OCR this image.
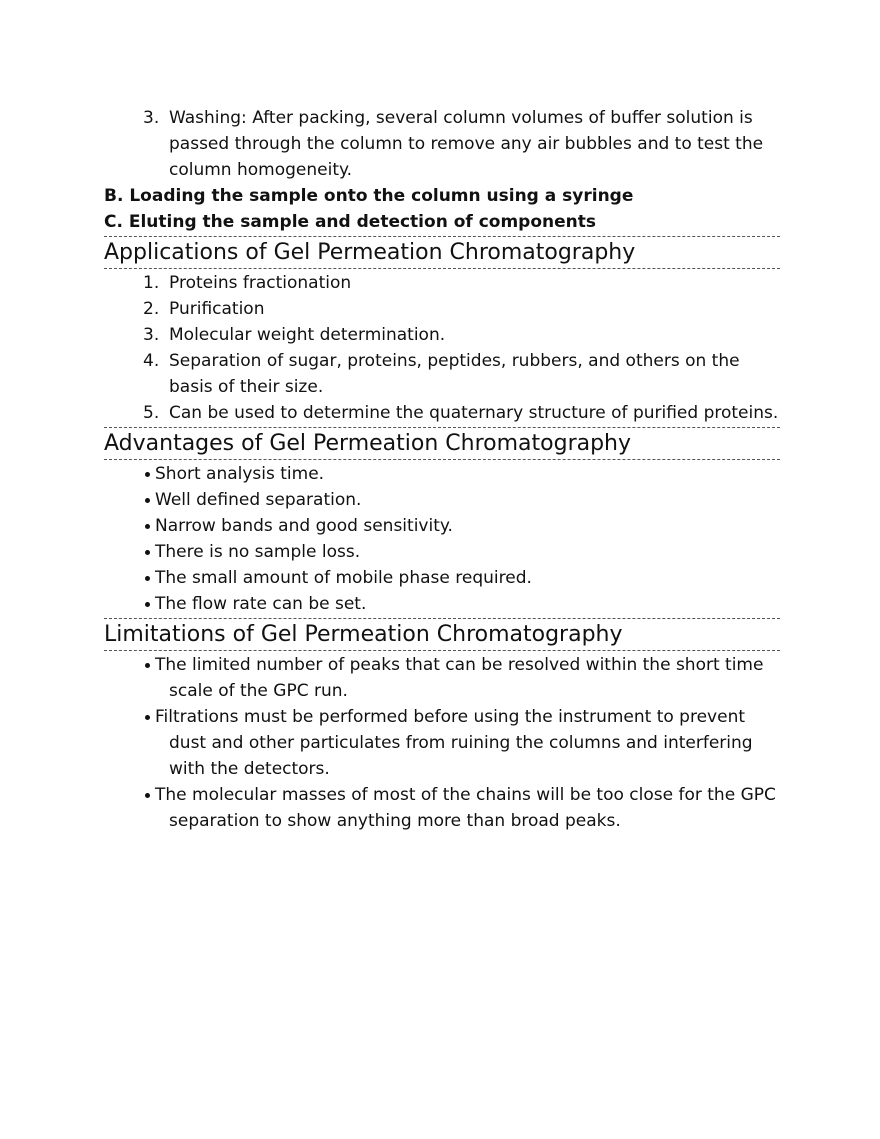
3. Washing: After packing, several column volumes of buffer solution is passed through the column to remove any air bubbles and to test the column homogeneity.
B. Loading the sample onto the column using a syringe
C. Eluting the sample and detection of components
Applications of Gel Permeation Chromatography
1. Proteins fractionation
2. Purification
3. Molecular weight determination.
4. Separation of sugar, proteins, peptides, rubbers, and others on the basis of their size.
5. Can be used to determine the quaternary structure of purified proteins.
Advantages of Gel Permeation Chromatography
Short analysis time.
Well defined separation.
Narrow bands and good sensitivity.
There is no sample loss.
The small amount of mobile phase required.
The flow rate can be set.
Limitations of Gel Permeation Chromatography
The limited number of peaks that can be resolved within the short time scale of the GPC run.
Filtrations must be performed before using the instrument to prevent dust and other particulates from ruining the columns and interfering with the detectors.
The molecular masses of most of the chains will be too close for the GPC separation to show anything more than broad peaks.
